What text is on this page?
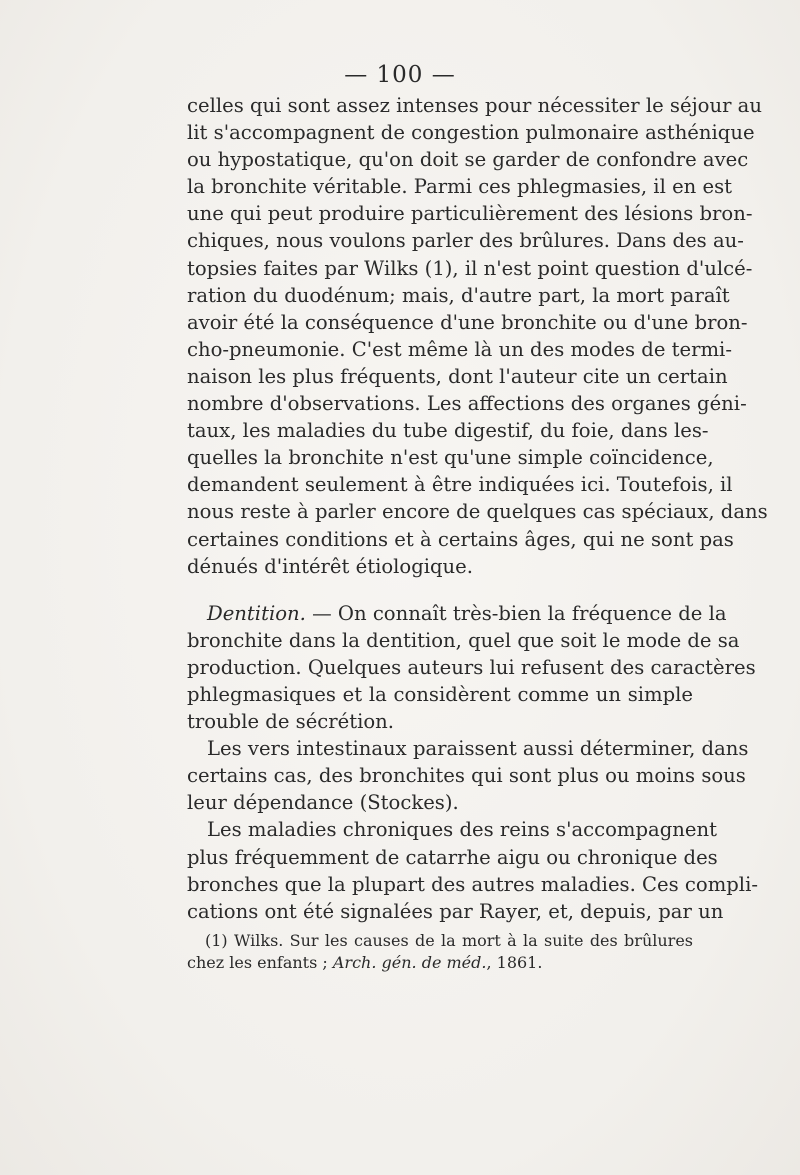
— 100 —
celles qui sont assez intenses pour nécessiter le séjour au
lit s'accompagnent de congestion pulmonaire asthénique
ou hypostatique, qu'on doit se garder de confondre avec
la bronchite véritable. Parmi ces phlegmasies, il en est
une qui peut produire particulièrement des lésions bron-
chiques, nous voulons parler des brûlures. Dans des au-
topsies faites par Wilks (1), il n'est point question d'ulcé-
ration du duodénum; mais, d'autre part, la mort paraît
avoir été la conséquence d'une bronchite ou d'une bron-
cho-pneumonie. C'est même là un des modes de termi-
naison les plus fréquents, dont l'auteur cite un certain
nombre d'observations. Les affections des organes géni-
taux, les maladies du tube digestif, du foie, dans les-
quelles la bronchite n'est qu'une simple coïncidence,
demandent seulement à être indiquées ici. Toutefois, il
nous reste à parler encore de quelques cas spéciaux, dans
certaines conditions et à certains âges, qui ne sont pas
dénués d'intérêt étiologique.
Dentition. — On connaît très-bien la fréquence de la
bronchite dans la dentition, quel que soit le mode de sa
production. Quelques auteurs lui refusent des caractères
phlegmasiques et la considèrent comme un simple
trouble de sécrétion.
Les vers intestinaux paraissent aussi déterminer, dans
certains cas, des bronchites qui sont plus ou moins sous
leur dépendance (Stockes).
Les maladies chroniques des reins s'accompagnent
plus fréquemment de catarrhe aigu ou chronique des
bronches que la plupart des autres maladies. Ces compli-
cations ont été signalées par Rayer, et, depuis, par un
(1) Wilks. Sur les causes de la mort à la suite des brûlures
chez les enfants ; Arch. gén. de méd., 1861.
